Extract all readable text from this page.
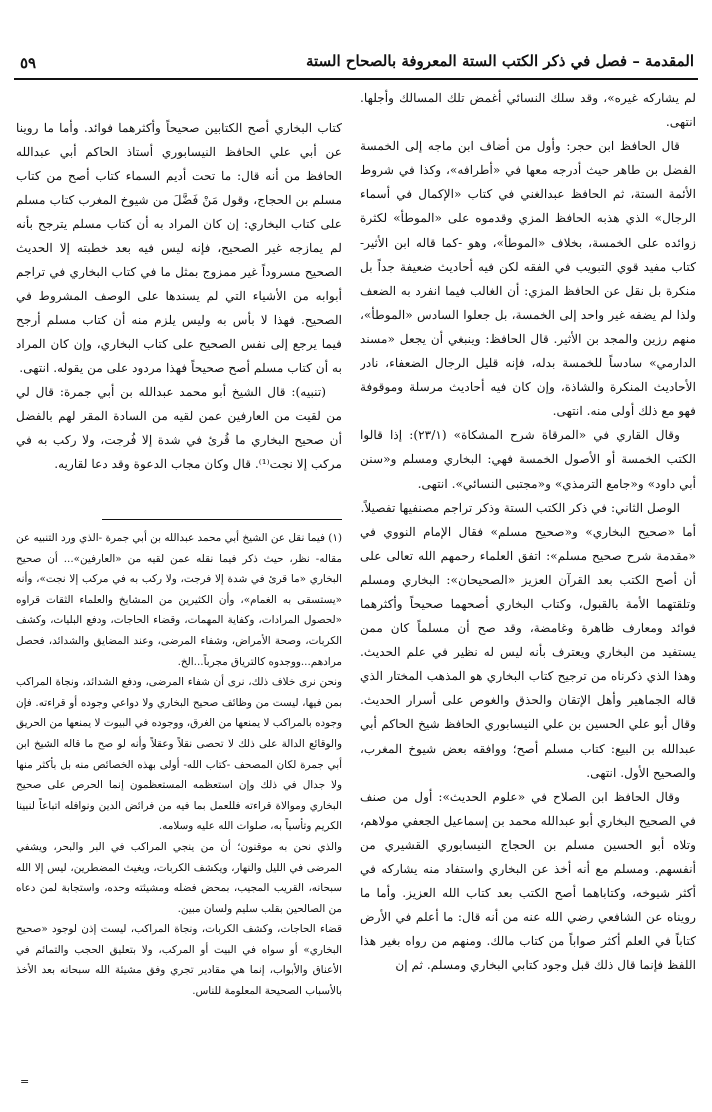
المقدمة – فصل في ذكر الكتب الستة المعروفة بالصحاح الستة
٥٩

لم يشاركه غيره»، وقد سلك النسائي أغمض تلك المسالك وأجلها. انتهى.

قال الحافظ ابن حجر: وأول من أضاف ابن ماجه إلى الخمسة الفضل بن طاهر حيث أدرجه معها في «أطرافه»، وكذا في شروط الأئمة الستة، ثم الحافظ عبدالغني في كتاب «الإكمال في أسماء الرجال» الذي هذبه الحافظ المزي وقدموه على «الموطأ» لكثرة زوائده على الخمسة، بخلاف «الموطأ»، وهو -كما قاله ابن الأثير- كتاب مفيد قوي التبويب في الفقه لكن فيه أحاديث ضعيفة جداً بل منكرة بل نقل عن الحافظ المزي: أن الغالب فيما انفرد به الضعف ولذا لم يضفه غير واحد إلى الخمسة، بل جعلوا السادس «الموطأ»، منهم رزين والمجد بن الأثير. قال الحافظ: وينبغي أن يجعل «مسند الدارمي» سادساً للخمسة بدله، فإنه قليل الرجال الضعفاء، نادر الأحاديث المنكرة والشاذة، وإن كان فيه أحاديث مرسلة وموقوفة فهو مع ذلك أولى منه. انتهى.

وقال القاري في «المرقاة شرح المشكاة» (٢٣/١): إذا قالوا الكتب الخمسة أو الأصول الخمسة فهي: البخاري ومسلم و«سنن أبي داود» و«جامع الترمذي» و«مجتبى النسائي». انتهى.

الوصل الثاني: في ذكر الكتب الستة وذكر تراجم مصنفيها تفصيلاً.

أما «صحيح البخاري» و«صحيح مسلم» فقال الإمام النووي في «مقدمة شرح صحيح مسلم»: اتفق العلماء رحمهم الله تعالى على أن أصح الكتب بعد القرآن العزيز «الصحيحان»: البخاري ومسلم وتلقتهما الأمة بالقبول، وكتاب البخاري أصحهما صحيحاً وأكثرهما فوائد ومعارف ظاهرة وغامضة، وقد صح أن مسلماً كان ممن يستفيد من البخاري ويعترف بأنه ليس له نظير في علم الحديث. وهذا الذي ذكرناه من ترجيح كتاب البخاري هو المذهب المختار الذي قاله الجماهير وأهل الإتقان والحذق والغوص على أسرار الحديث. وقال أبو علي الحسين بن علي النيسابوري الحافظ شيخ الحاكم أبي عبدالله بن البيع: كتاب مسلم أصح؛ ووافقه بعض شيوخ المغرب، والصحيح الأول. انتهى.

وقال الحافظ ابن الصلاح في «علوم الحديث»: أول من صنف في الصحيح البخاري أبو عبدالله محمد بن إسماعيل الجعفي مولاهم، وتلاه أبو الحسين مسلم بن الحجاج النيسابوري القشيري من أنفسهم. ومسلم مع أنه أخذ عن البخاري واستفاد منه يشاركه في أكثر شيوخه، وكتاباهما أصح الكتب بعد كتاب الله العزيز. وأما ما رويناه عن الشافعي رضي الله عنه من أنه قال: ما أعلم في الأرض كتاباً في العلم أكثر صواباً من كتاب مالك. ومنهم من رواه بغير هذا اللفظ فإنما قال ذلك قبل وجود كتابي البخاري ومسلم. ثم إن

كتاب البخاري أصح الكتابين صحيحاً وأكثرهما فوائد. وأما ما روينا عن أبي علي الحافظ النيسابوري أستاذ الحاكم أبي عبدالله الحافظ من أنه قال: ما تحت أديم السماء كتاب أصح من كتاب مسلم بن الحجاج، وقول مَنْ فَضَّلَ من شيوخ المغرب كتاب مسلم على كتاب البخاري: إن كان المراد به أن كتاب مسلم يترجح بأنه لم يمازجه غير الصحيح، فإنه ليس فيه بعد خطبته إلا الحديث الصحيح مسروداً غير ممزوج بمثل ما في كتاب البخاري في تراجم أبوابه من الأشياء التي لم يسندها على الوصف المشروط في الصحيح. فهذا لا بأس به وليس يلزم منه أن كتاب مسلم أرجح فيما يرجع إلى نفس الصحيح على كتاب البخاري، وإن كان المراد به أن كتاب مسلم أصح صحيحاً فهذا مردود على من يقوله. انتهى.

(تنبيه): قال الشيخ أبو محمد عبدالله بن أبي جمرة: قال لي من لقيت من العارفين عمن لقيه من السادة المقر لهم بالفضل أن صحيح البخاري ما قُرئ في شدة إلا فُرجت، ولا ركب به في مركب إلا نجت⁽¹⁾. قال وكان مجاب الدعوة وقد دعا لقاريه.

(١) فيما نقل عن الشيخ أبي محمد عبدالله بن أبي جمرة -الذي ورد التنبيه عن مقاله- نظر، حيث ذكر فيما نقله عمن لقيه من «العارفين»... أن صحيح البخاري «ما قرئ في شدة إلا فرجت، ولا ركب به في مركب إلا نجت»، وأنه «يستسقى به الغمام»، وأن الكثيرين من المشايخ والعلماء الثقات قراوه «لحصول المرادات، وكفاية المهمات، وقضاء الحاجات، ودفع البليات، وكشف الكربات، وصحة الأمراض، وشفاء المرضى، وعند المضايق والشدائد، فحصل مرادهم...ووجدوه كالترياق مجرباً...الخ.

ونحن نرى خلاف ذلك، نرى أن شفاء المرضى، ودفع الشدائد، ونجاة المراكب بمن فيها، ليست من وظائف صحيح البخاري ولا دواعي وجوده أو قراءته. فإن وجوده بالمراكب لا يمنعها من الغرق، ووجوده في البيوت لا يمنعها من الحريق والوقائع الدالة على ذلك لا تحصى نقلاً وعقلاً وأنه لو صح ما قاله الشيخ ابن أبي جمرة لكان المصحف -كتاب الله- أولى بهذه الخصائص منه بل بأكثر منها ولا جدال في ذلك وإن استعظمه المستعظمون إنما الحرص على صحيح البخاري وموالاة قراءته فللعمل بما فيه من فرائض الدين ونوافله اتباعاً لنبينا الكريم وتأسياً به، صلوات الله عليه وسلامه.

والذي نحن به موقنون؛ أن من ينجي المراكب في البر والبحر، ويشفي المرضى في الليل والنهار، ويكشف الكربات، ويغيث المضطرين، ليس إلا الله سبحانه، القريب المجيب، بمحض فضله ومشيئته وحده، واستجابة لمن دعاه من الصالحين بقلب سليم ولسان مبين.

قضاء الحاجات، وكشف الكربات، ونجاة المراكب، ليست إذن لوجود «صحيح البخاري» أو سواه في البيت أو المركب، ولا بتعليق الحجب والتمائم في الأعناق والأبواب، إنما هي مقادير تجري وفق مشيئة الله سبحانه بعد الأخذ بالأسباب الصحيحة المعلومة للناس.

=
